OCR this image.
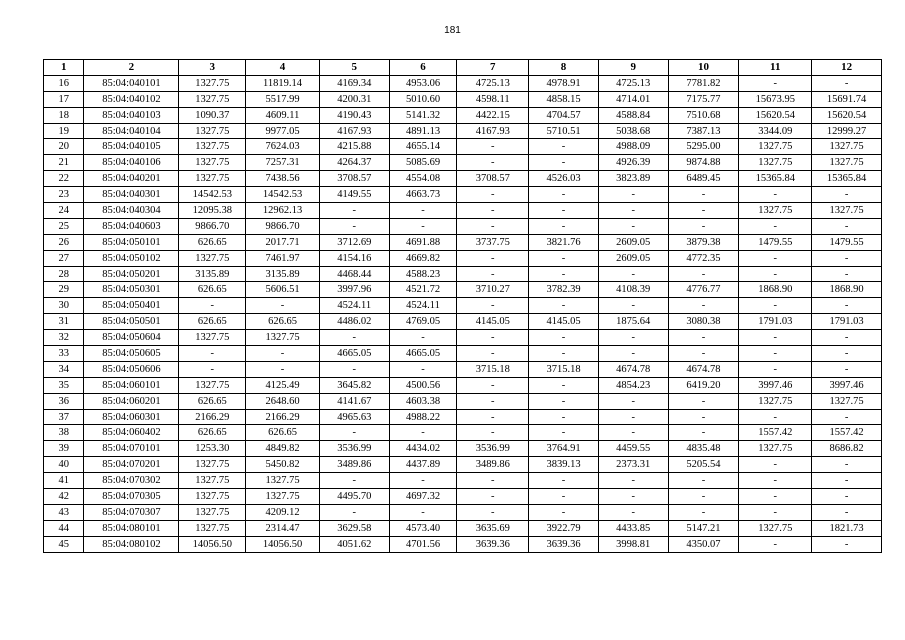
181
1	2	3	4	5	6	7	8	9	10	11	12
16	85:04:040101	1327.75	11819.14	4169.34	4953.06	4725.13	4978.91	4725.13	7781.82	-	-
17	85:04:040102	1327.75	5517.99	4200.31	5010.60	4598.11	4858.15	4714.01	7175.77	15673.95	15691.74
18	85:04:040103	1090.37	4609.11	4190.43	5141.32	4422.15	4704.57	4588.84	7510.68	15620.54	15620.54
19	85:04:040104	1327.75	9977.05	4167.93	4891.13	4167.93	5710.51	5038.68	7387.13	3344.09	12999.27
20	85:04:040105	1327.75	7624.03	4215.88	4655.14	-	-	4988.09	5295.00	1327.75	1327.75
21	85:04:040106	1327.75	7257.31	4264.37	5085.69	-	-	4926.39	9874.88	1327.75	1327.75
22	85:04:040201	1327.75	7438.56	3708.57	4554.08	3708.57	4526.03	3823.89	6489.45	15365.84	15365.84
23	85:04:040301	14542.53	14542.53	4149.55	4663.73	-	-	-	-	-	-
24	85:04:040304	12095.38	12962.13	-	-	-	-	-	-	1327.75	1327.75
25	85:04:040603	9866.70	9866.70	-	-	-	-	-	-	-	-
26	85:04:050101	626.65	2017.71	3712.69	4691.88	3737.75	3821.76	2609.05	3879.38	1479.55	1479.55
27	85:04:050102	1327.75	7461.97	4154.16	4669.82	-	-	2609.05	4772.35	-	-
28	85:04:050201	3135.89	3135.89	4468.44	4588.23	-	-	-	-	-	-
29	85:04:050301	626.65	5606.51	3997.96	4521.72	3710.27	3782.39	4108.39	4776.77	1868.90	1868.90
30	85:04:050401	-	-	4524.11	4524.11	-	-	-	-	-	-
31	85:04:050501	626.65	626.65	4486.02	4769.05	4145.05	4145.05	1875.64	3080.38	1791.03	1791.03
32	85:04:050604	1327.75	1327.75	-	-	-	-	-	-	-	-
33	85:04:050605	-	-	4665.05	4665.05	-	-	-	-	-	-
34	85:04:050606	-	-	-	-	3715.18	3715.18	4674.78	4674.78	-	-
35	85:04:060101	1327.75	4125.49	3645.82	4500.56	-	-	4854.23	6419.20	3997.46	3997.46
36	85:04:060201	626.65	2648.60	4141.67	4603.38	-	-	-	-	1327.75	1327.75
37	85:04:060301	2166.29	2166.29	4965.63	4988.22	-	-	-	-	-	-
38	85:04:060402	626.65	626.65	-	-	-	-	-	-	1557.42	1557.42
39	85:04:070101	1253.30	4849.82	3536.99	4434.02	3536.99	3764.91	4459.55	4835.48	1327.75	8686.82
40	85:04:070201	1327.75	5450.82	3489.86	4437.89	3489.86	3839.13	2373.31	5205.54	-	-
41	85:04:070302	1327.75	1327.75	-	-	-	-	-	-	-	-
42	85:04:070305	1327.75	1327.75	4495.70	4697.32	-	-	-	-	-	-
43	85:04:070307	1327.75	4209.12	-	-	-	-	-	-	-	-
44	85:04:080101	1327.75	2314.47	3629.58	4573.40	3635.69	3922.79	4433.85	5147.21	1327.75	1821.73
45	85:04:080102	14056.50	14056.50	4051.62	4701.56	3639.36	3639.36	3998.81	4350.07	-	-
